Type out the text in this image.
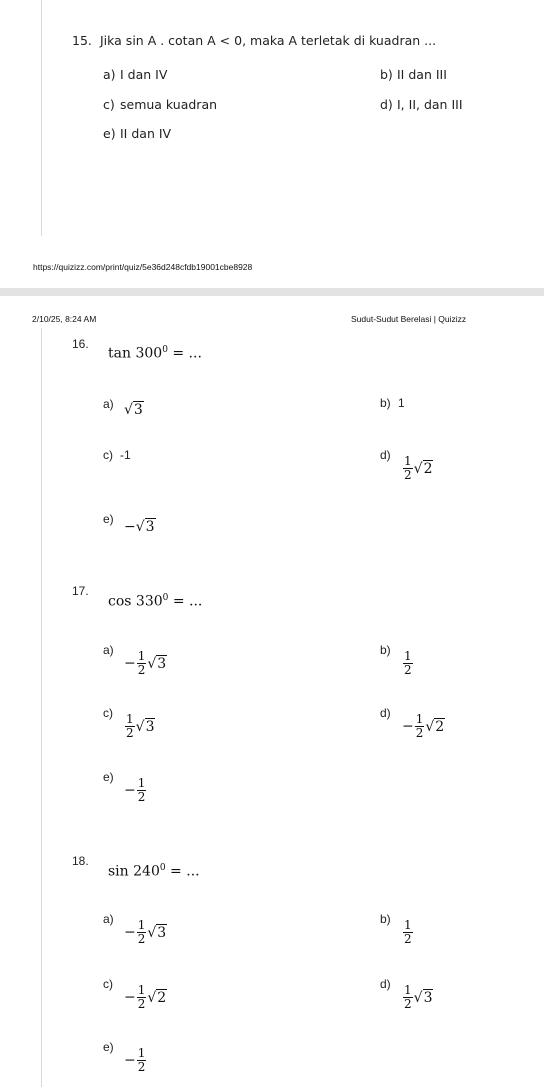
15. Jika sin A . cotan A < 0, maka A terletak di kuadran ...
a) I dan IV	b) II dan III
c) semua kuadran	d) I, II, dan III
e) II dan IV
https://quizizz.com/print/quiz/5e36d248cfdb19001cbe8928
2/10/25, 8:24 AM	Sudut-Sudut Berelasi | Quizizz
16.
$\tan 300^0$ = ...
a) √3	b) 1
c) -1	$d) \frac{1}{2} √2$
e) −√3
17.
$\cos 330^0$ = ...
a)
− $\frac{1}{2} √3$
$b) \frac{1}{2}$
$c) \frac{1}{2} √3$
d)
− $\frac{1}{2} √2$
e)
− $\frac{1}{2}$
18.
$\sin 240^0$ = ...
a)
− $\frac{1}{2} √3$
$b) \frac{1}{2}$
c)
− $\frac{1}{2} √2$
$d) \frac{1}{2} √3$
e)
− $\frac{1}{2}$
